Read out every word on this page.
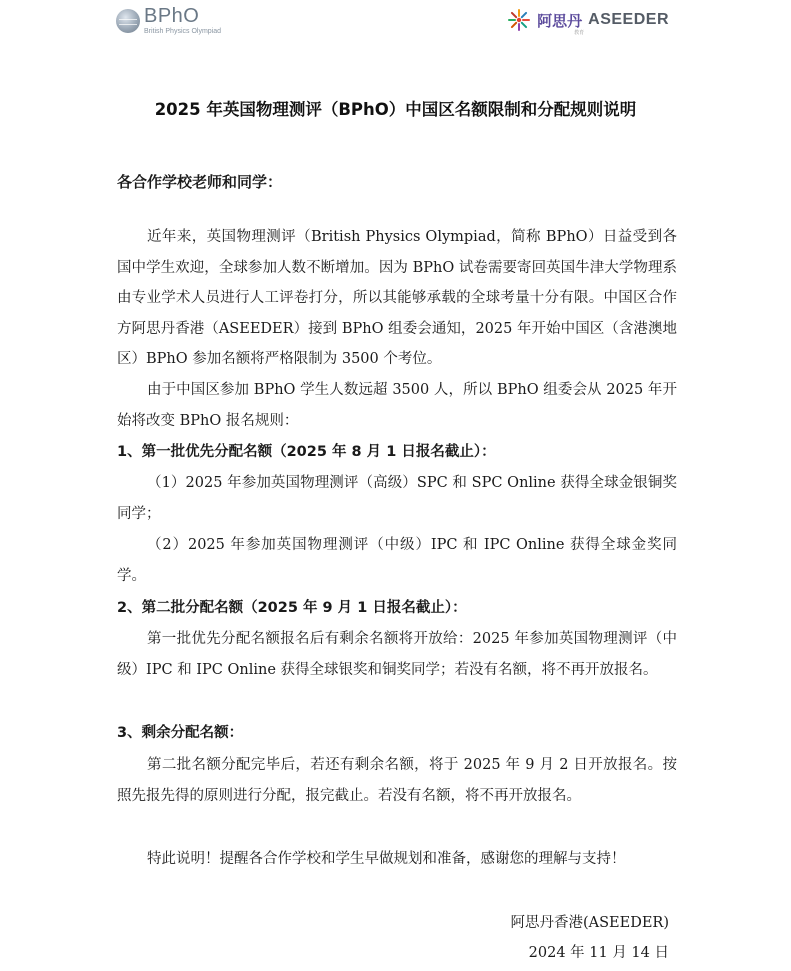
BPhO
British Physics Olympiad
阿思丹
教育
ASEEDER
2025 年英国物理测评（BPhO）中国区名额限制和分配规则说明

各合作学校老师和同学：

近年来，英国物理测评（British Physics Olympiad，简称 BPhO）日益受到各国中学生欢迎，全球参加人数不断增加。因为 BPhO 试卷需要寄回英国牛津大学物理系由专业学术人员进行人工评卷打分，所以其能够承载的全球考量十分有限。中国区合作方阿思丹香港（ASEEDER）接到 BPhO 组委会通知，2025 年开始中国区（含港澳地区）BPhO 参加名额将严格限制为 3500 个考位。

由于中国区参加 BPhO 学生人数远超 3500 人，所以 BPhO 组委会从 2025 年开始将改变 BPhO 报名规则：

1、第一批优先分配名额（2025 年 8 月 1 日报名截止）：

（1）2025 年参加英国物理测评（高级）SPC 和 SPC Online 获得全球金银铜奖同学；

（2）2025 年参加英国物理测评（中级）IPC 和 IPC Online 获得全球金奖同学。

2、第二批分配名额（2025 年 9 月 1 日报名截止）：

第一批优先分配名额报名后有剩余名额将开放给：2025 年参加英国物理测评（中级）IPC 和 IPC Online 获得全球银奖和铜奖同学；若没有名额，将不再开放报名。

3、剩余分配名额：

第二批名额分配完毕后，若还有剩余名额，将于 2025 年 9 月 2 日开放报名。按照先报先得的原则进行分配，报完截止。若没有名额，将不再开放报名。

特此说明！提醒各合作学校和学生早做规划和准备，感谢您的理解与支持！

阿思丹香港(ASEEDER)
2024 年 11 月 14 日
